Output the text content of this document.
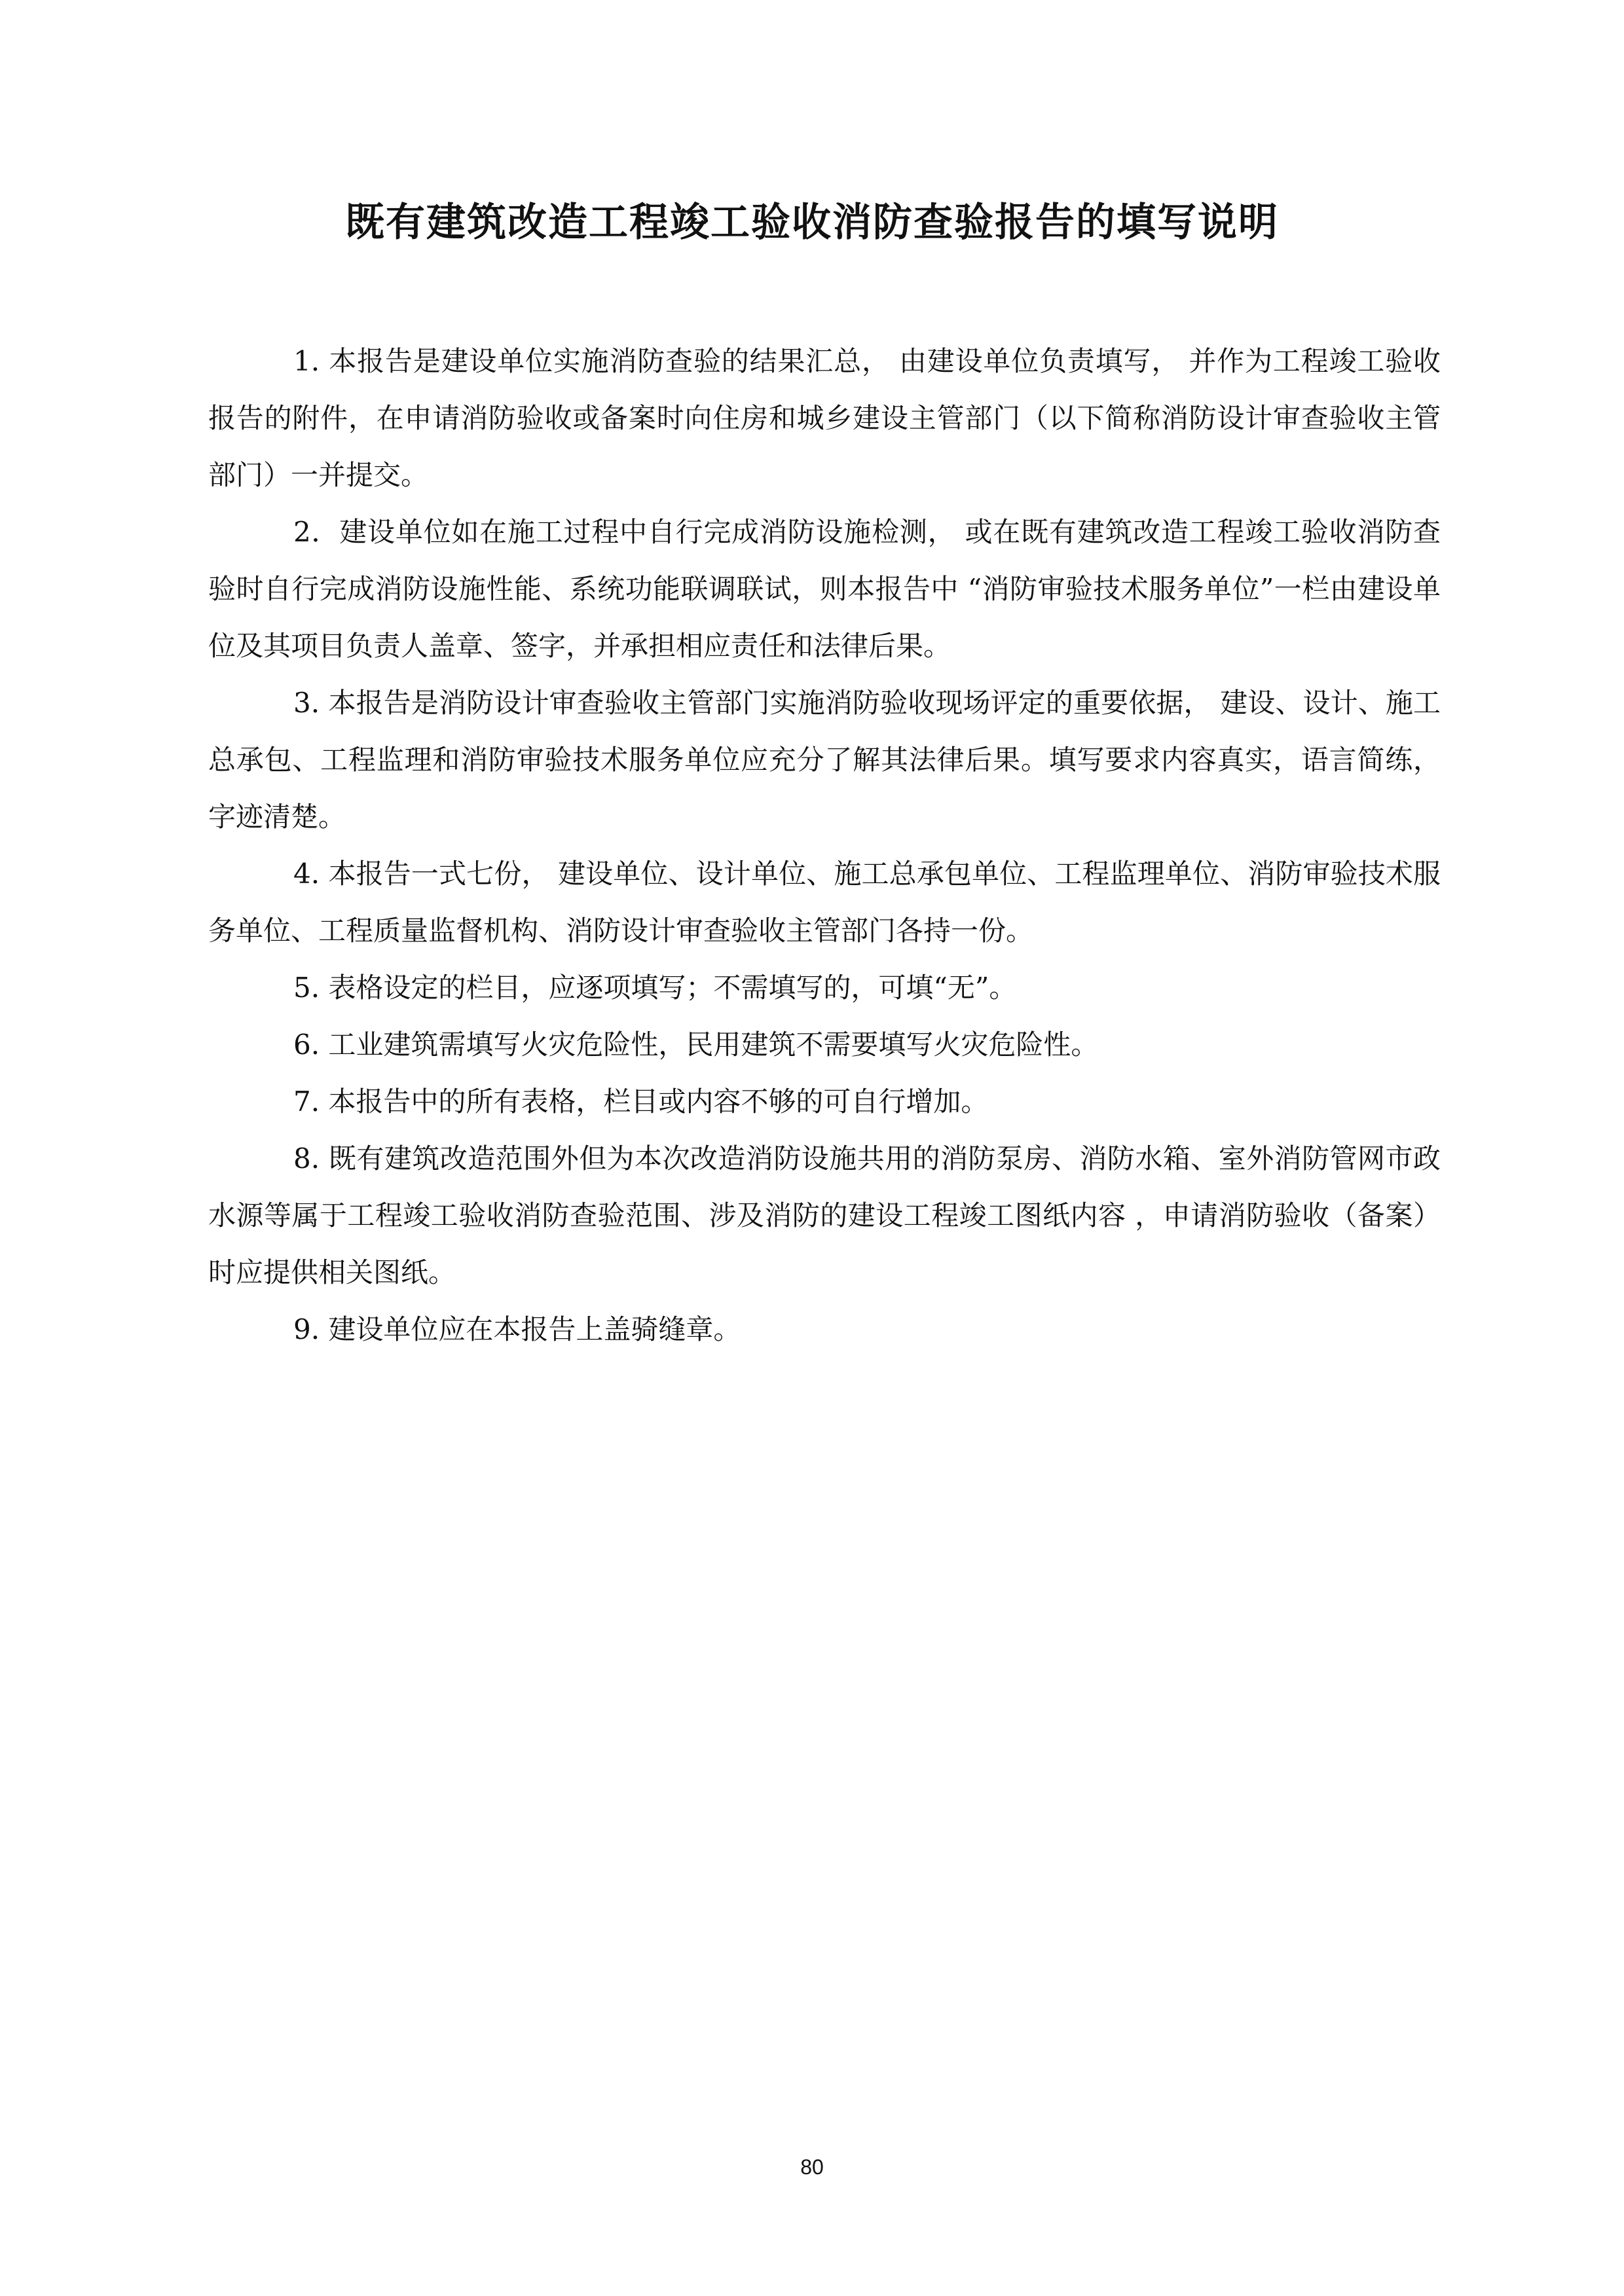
既有建筑改造工程竣工验收消防查验报告的填写说明

1. 本报告是建设单位实施消防查验的结果汇总， 由建设单位负责填写， 并作为工程竣工验收报告的附件，在申请消防验收或备案时向住房和城乡建设主管部门（以下简称消防设计审查验收主管部门）一并提交。

2．建设单位如在施工过程中自行完成消防设施检测， 或在既有建筑改造工程竣工验收消防查验时自行完成消防设施性能、系统功能联调联试，则本报告中 “消防审验技术服务单位”一栏由建设单位及其项目负责人盖章、签字，并承担相应责任和法律后果。

3. 本报告是消防设计审查验收主管部门实施消防验收现场评定的重要依据， 建设、设计、施工总承包、工程监理和消防审验技术服务单位应充分了解其法律后果。填写要求内容真实，语言简练，字迹清楚。

4. 本报告一式七份， 建设单位、设计单位、施工总承包单位、工程监理单位、消防审验技术服务单位、工程质量监督机构、消防设计审查验收主管部门各持一份。

5. 表格设定的栏目，应逐项填写；不需填写的，可填“无”。

6. 工业建筑需填写火灾危险性，民用建筑不需要填写火灾危险性。

7. 本报告中的所有表格，栏目或内容不够的可自行增加。

8. 既有建筑改造范围外但为本次改造消防设施共用的消防泵房、消防水箱、室外消防管网市政水源等属于工程竣工验收消防查验范围、涉及消防的建设工程竣工图纸内容 ，申请消防验收（备案）时应提供相关图纸。

9. 建设单位应在本报告上盖骑缝章。

80
